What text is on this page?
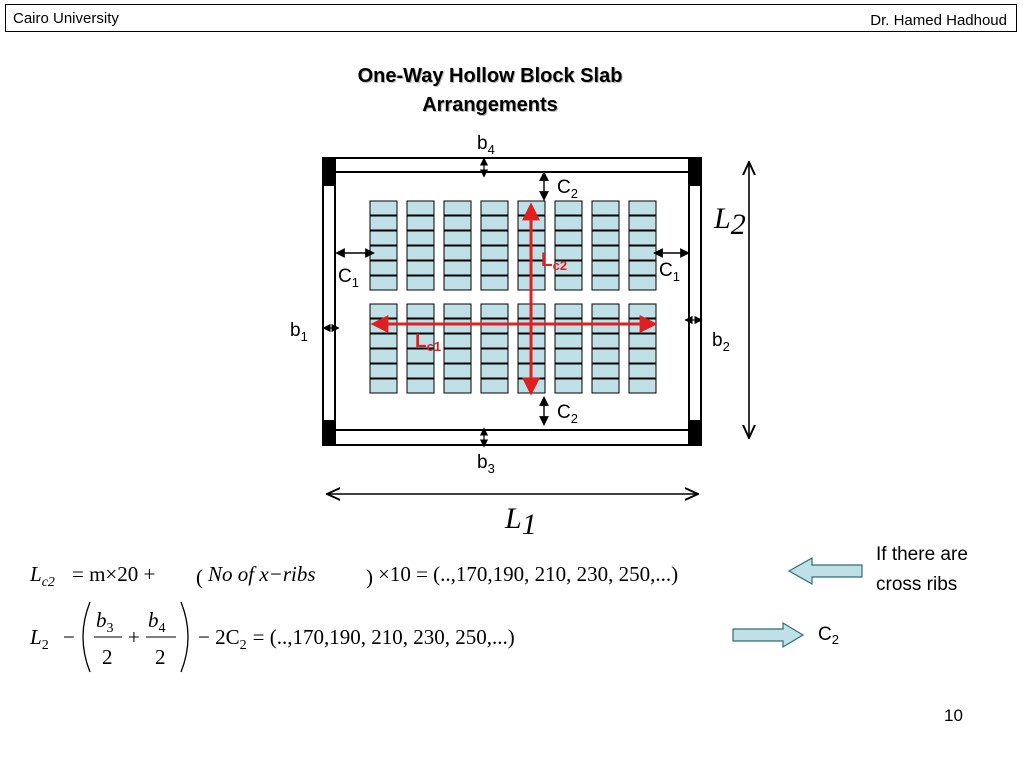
Cairo University	Dr. Hamed Hadhoud
One-Way Hollow Block Slab
Arrangements
$L_{c2}$
$L_{c1}$
$b_4$
$b_3$
$b_1$	$b_2$
$C_2$
$C_2$
$C_1$
$C_1$
L2
L1
$L_{c2} = m\times 20$ + ( No of x−ribs ) ×10 = (..,170,190, 210, 230, 250,...)
$L_2$ −
$b_3$
2
+
$b_4$
2
− $2C_2 = (..,170,190$, 210, 230, 250,...)
If there are
cross ribs
$C_2$
10
